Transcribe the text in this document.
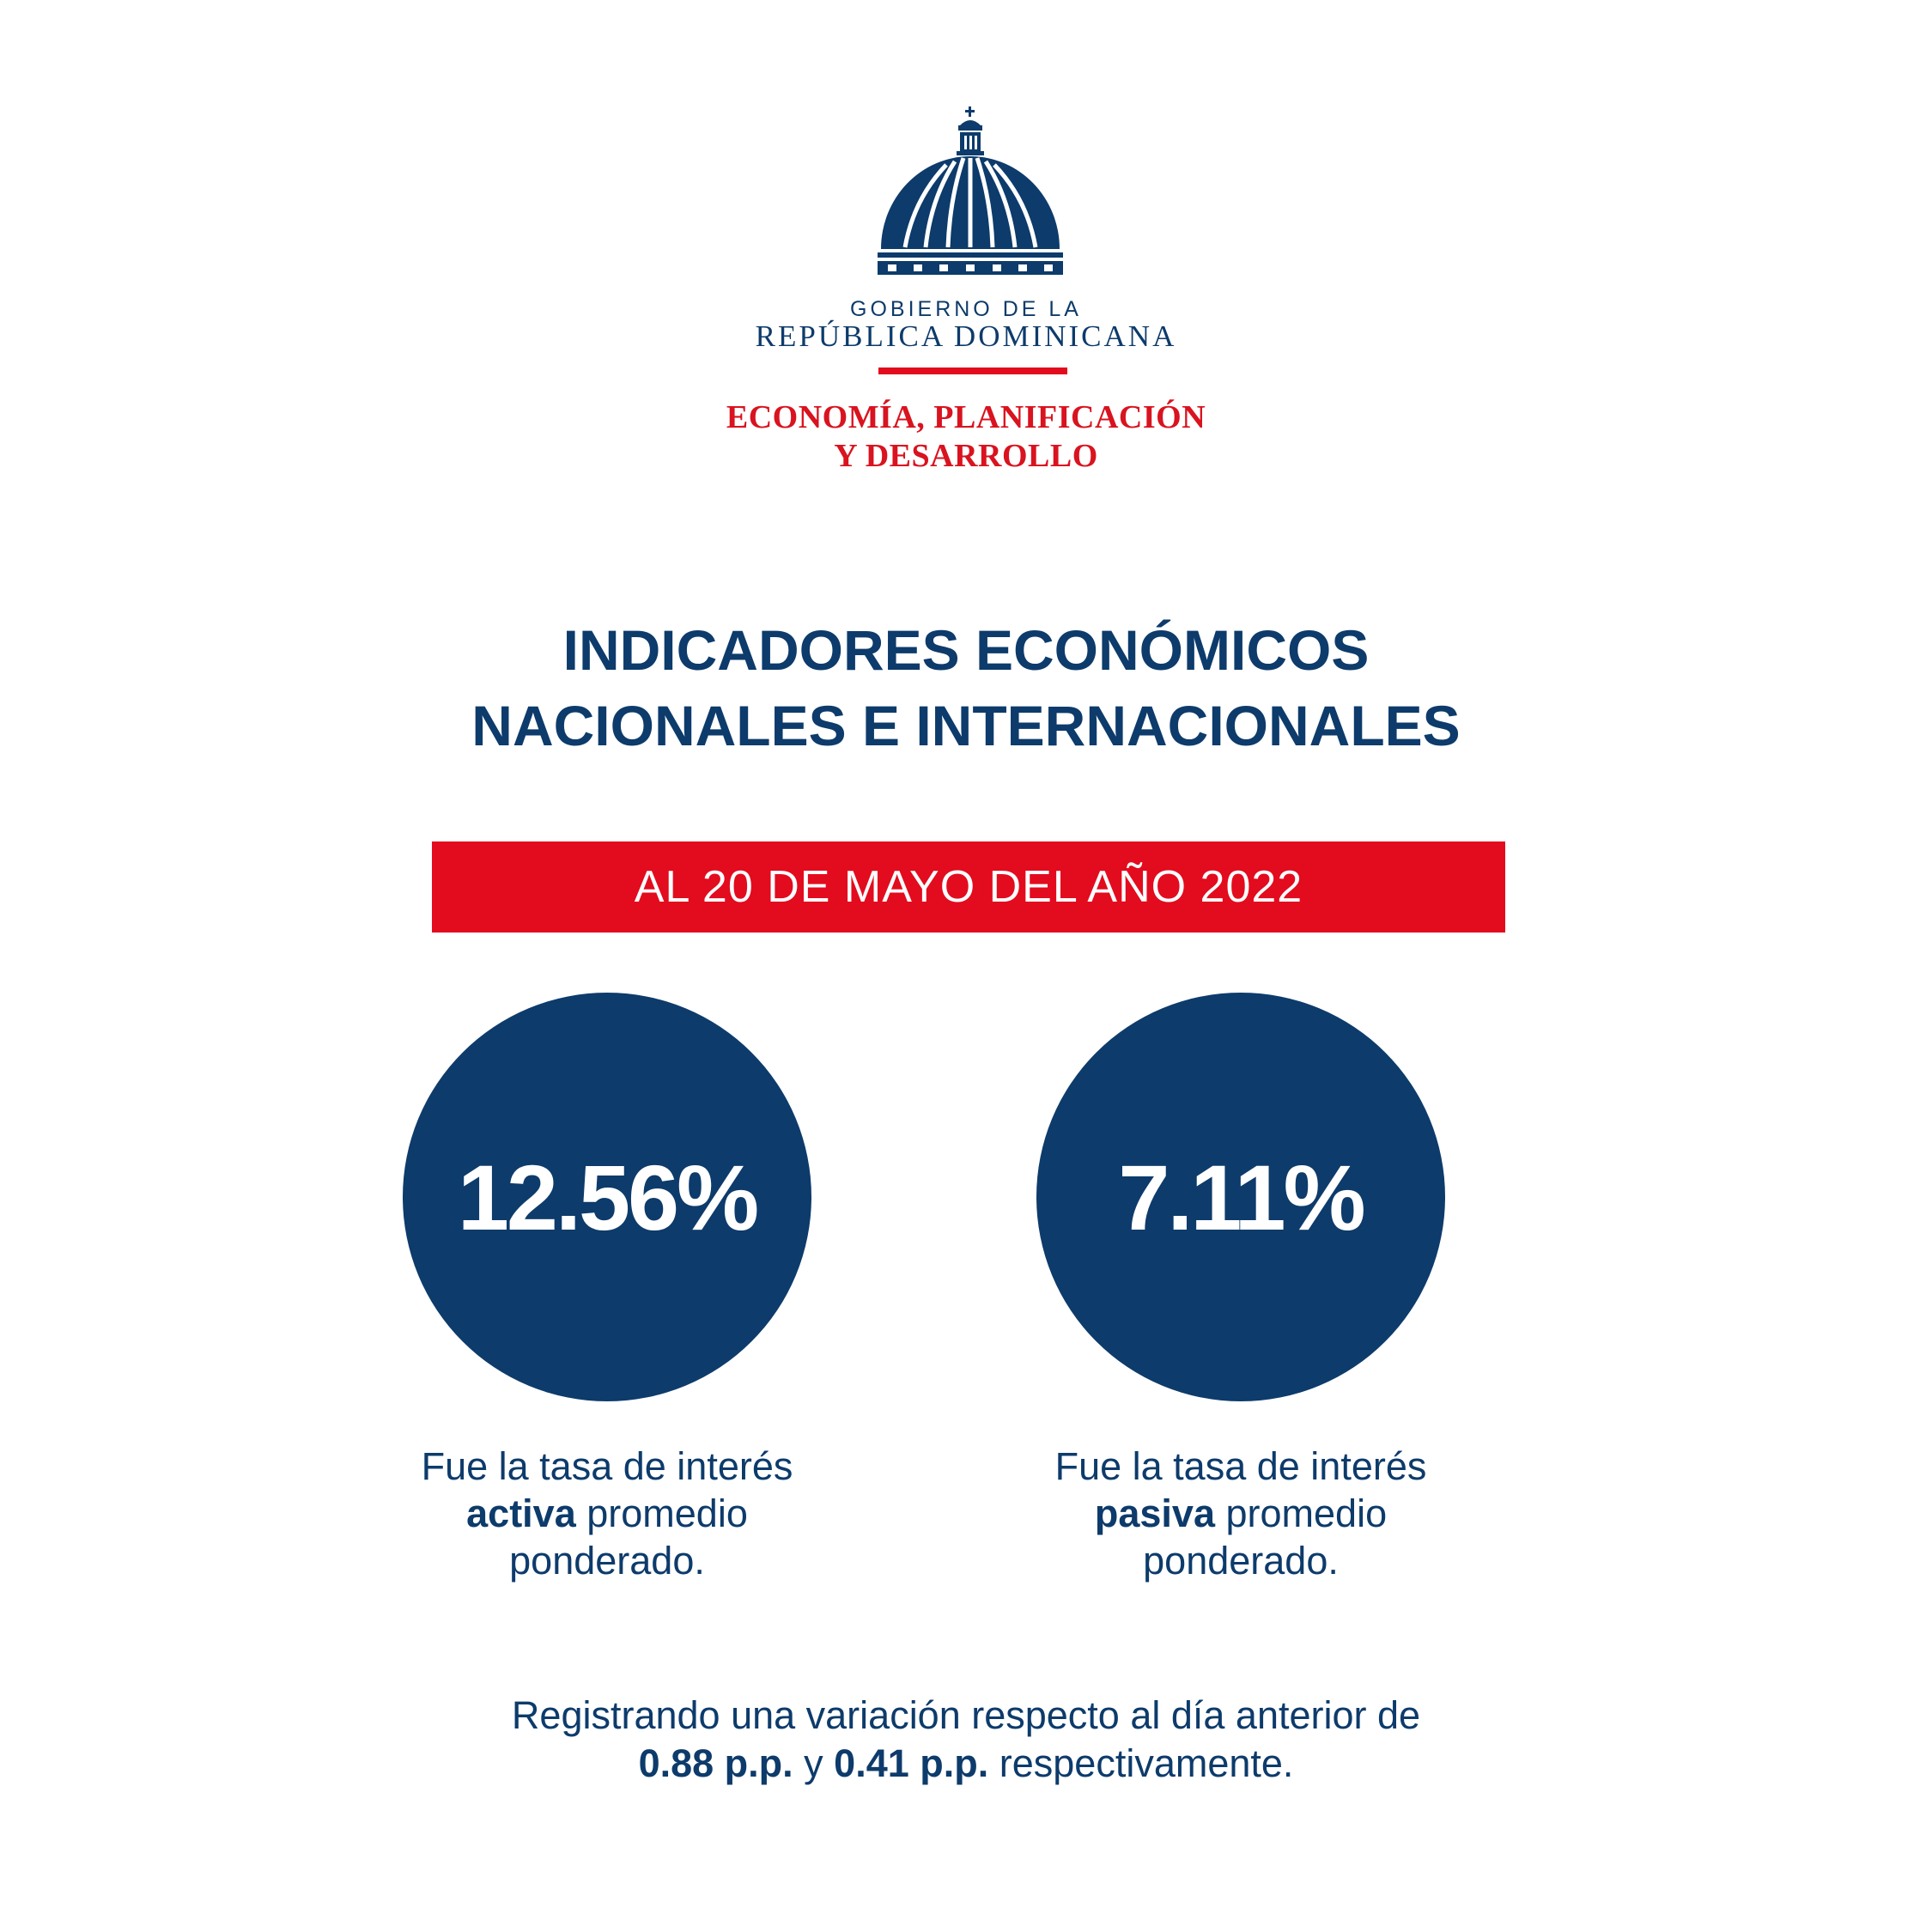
GOBIERNO DE LA
REPÚBLICA DOMINICANA
ECONOMÍA, PLANIFICACIÓN
Y DESARROLLO
INDICADORES ECONÓMICOS
NACIONALES E INTERNACIONALES
AL 20 DE MAYO DEL AÑO 2022
12.56%	7.11%
Fue la tasa de interés
activa promedio
ponderado.
Fue la tasa de interés
pasiva promedio
ponderado.
Registrando una variación respecto al día anterior de
0.88 p.p. y 0.41 p.p. respectivamente.
